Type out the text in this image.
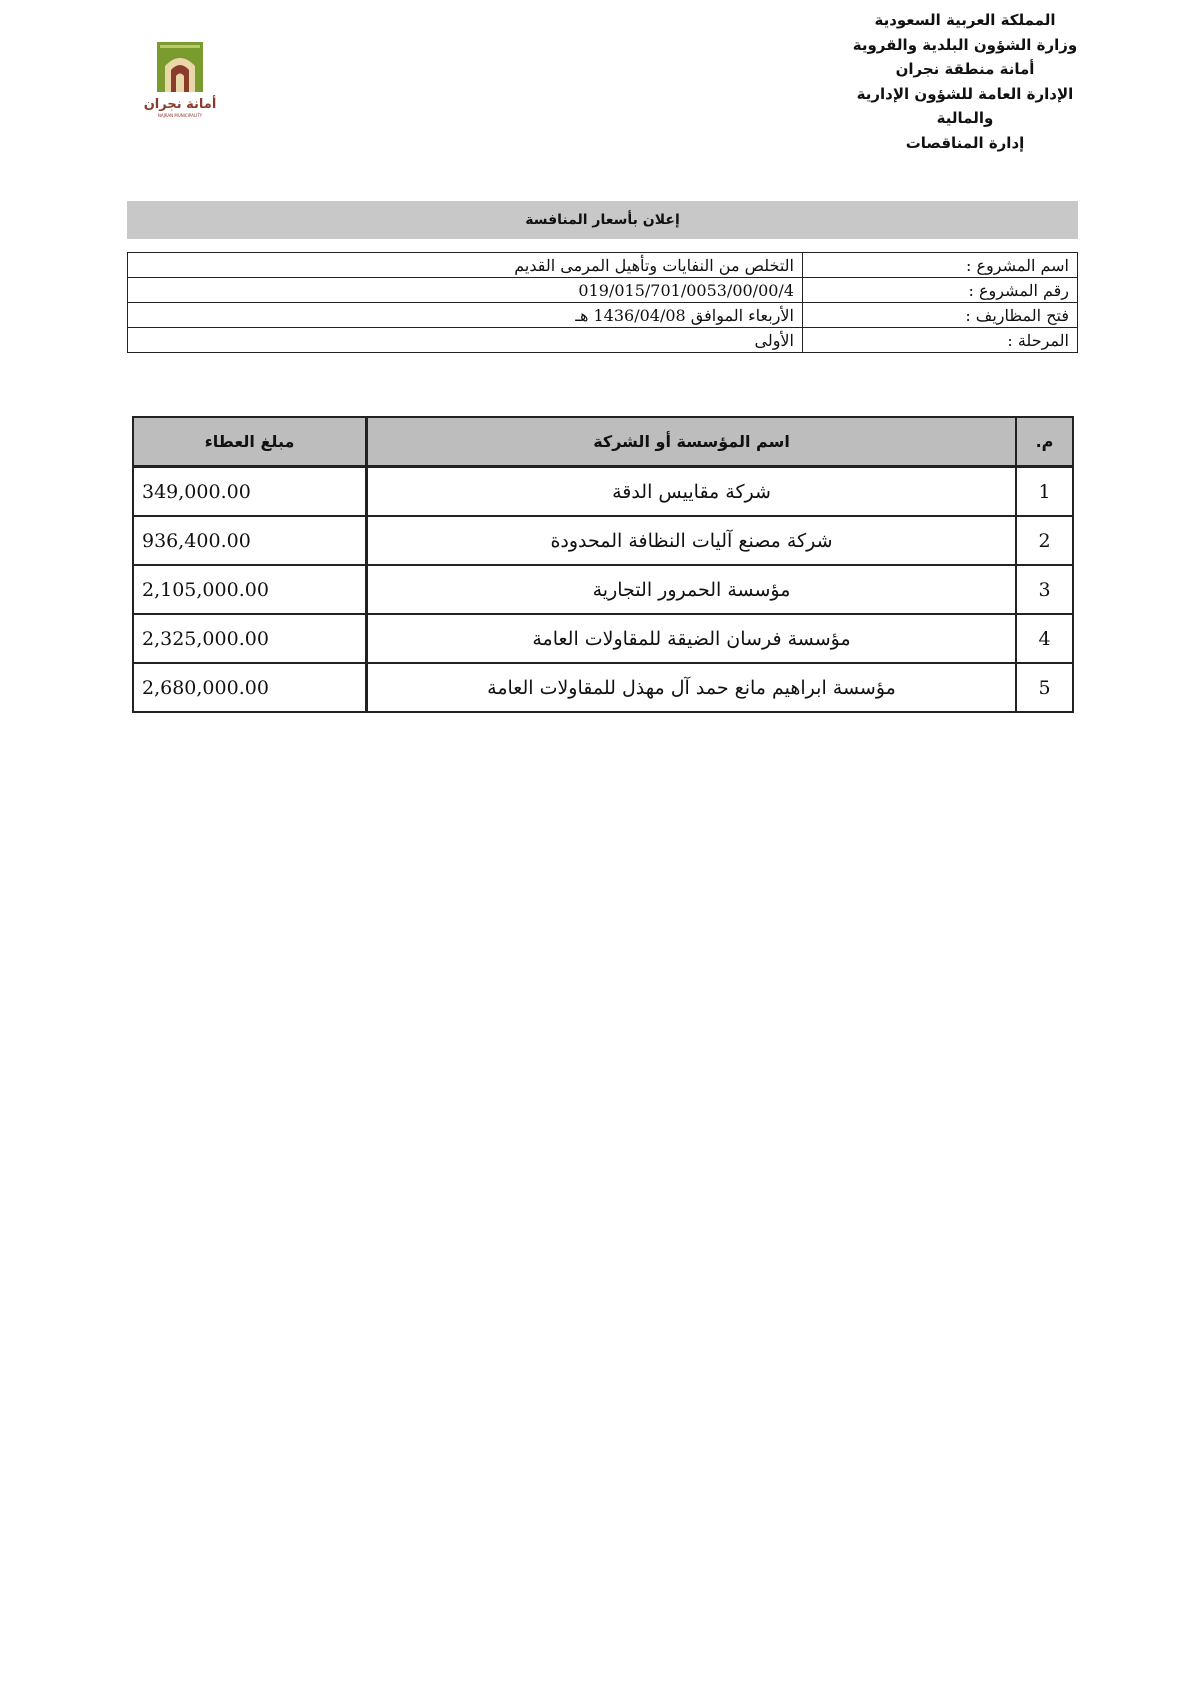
المملكة العربية السعودية
وزارة الشؤون البلدية والقروية
أمانة منطقة نجران
الإدارة العامة للشؤون الإدارية
والمالية
إدارة المناقصات
أمانة نجران
NAJRAN MUNICIPALITY
إعلان بأسعار المنافسة
اسم المشروع :	التخلص من النفايات وتأهيل المرمى القديم
رقم المشروع :	019/015/701/0053/00/00/4
فتح المظاريف :	الأربعاء الموافق 1436/04/08 هـ
المرحلة :	الأولى
م.	اسم المؤسسة أو الشركة	مبلغ العطاء
1	شركة مقاييس الدقة	349,000.00
2	شركة مصنع آليات النظافة المحدودة	936,400.00
3	مؤسسة الحمرور التجارية	2,105,000.00
4	مؤسسة فرسان الضيقة للمقاولات العامة	2,325,000.00
5	مؤسسة ابراهيم مانع حمد آل مهذل للمقاولات العامة	2,680,000.00
